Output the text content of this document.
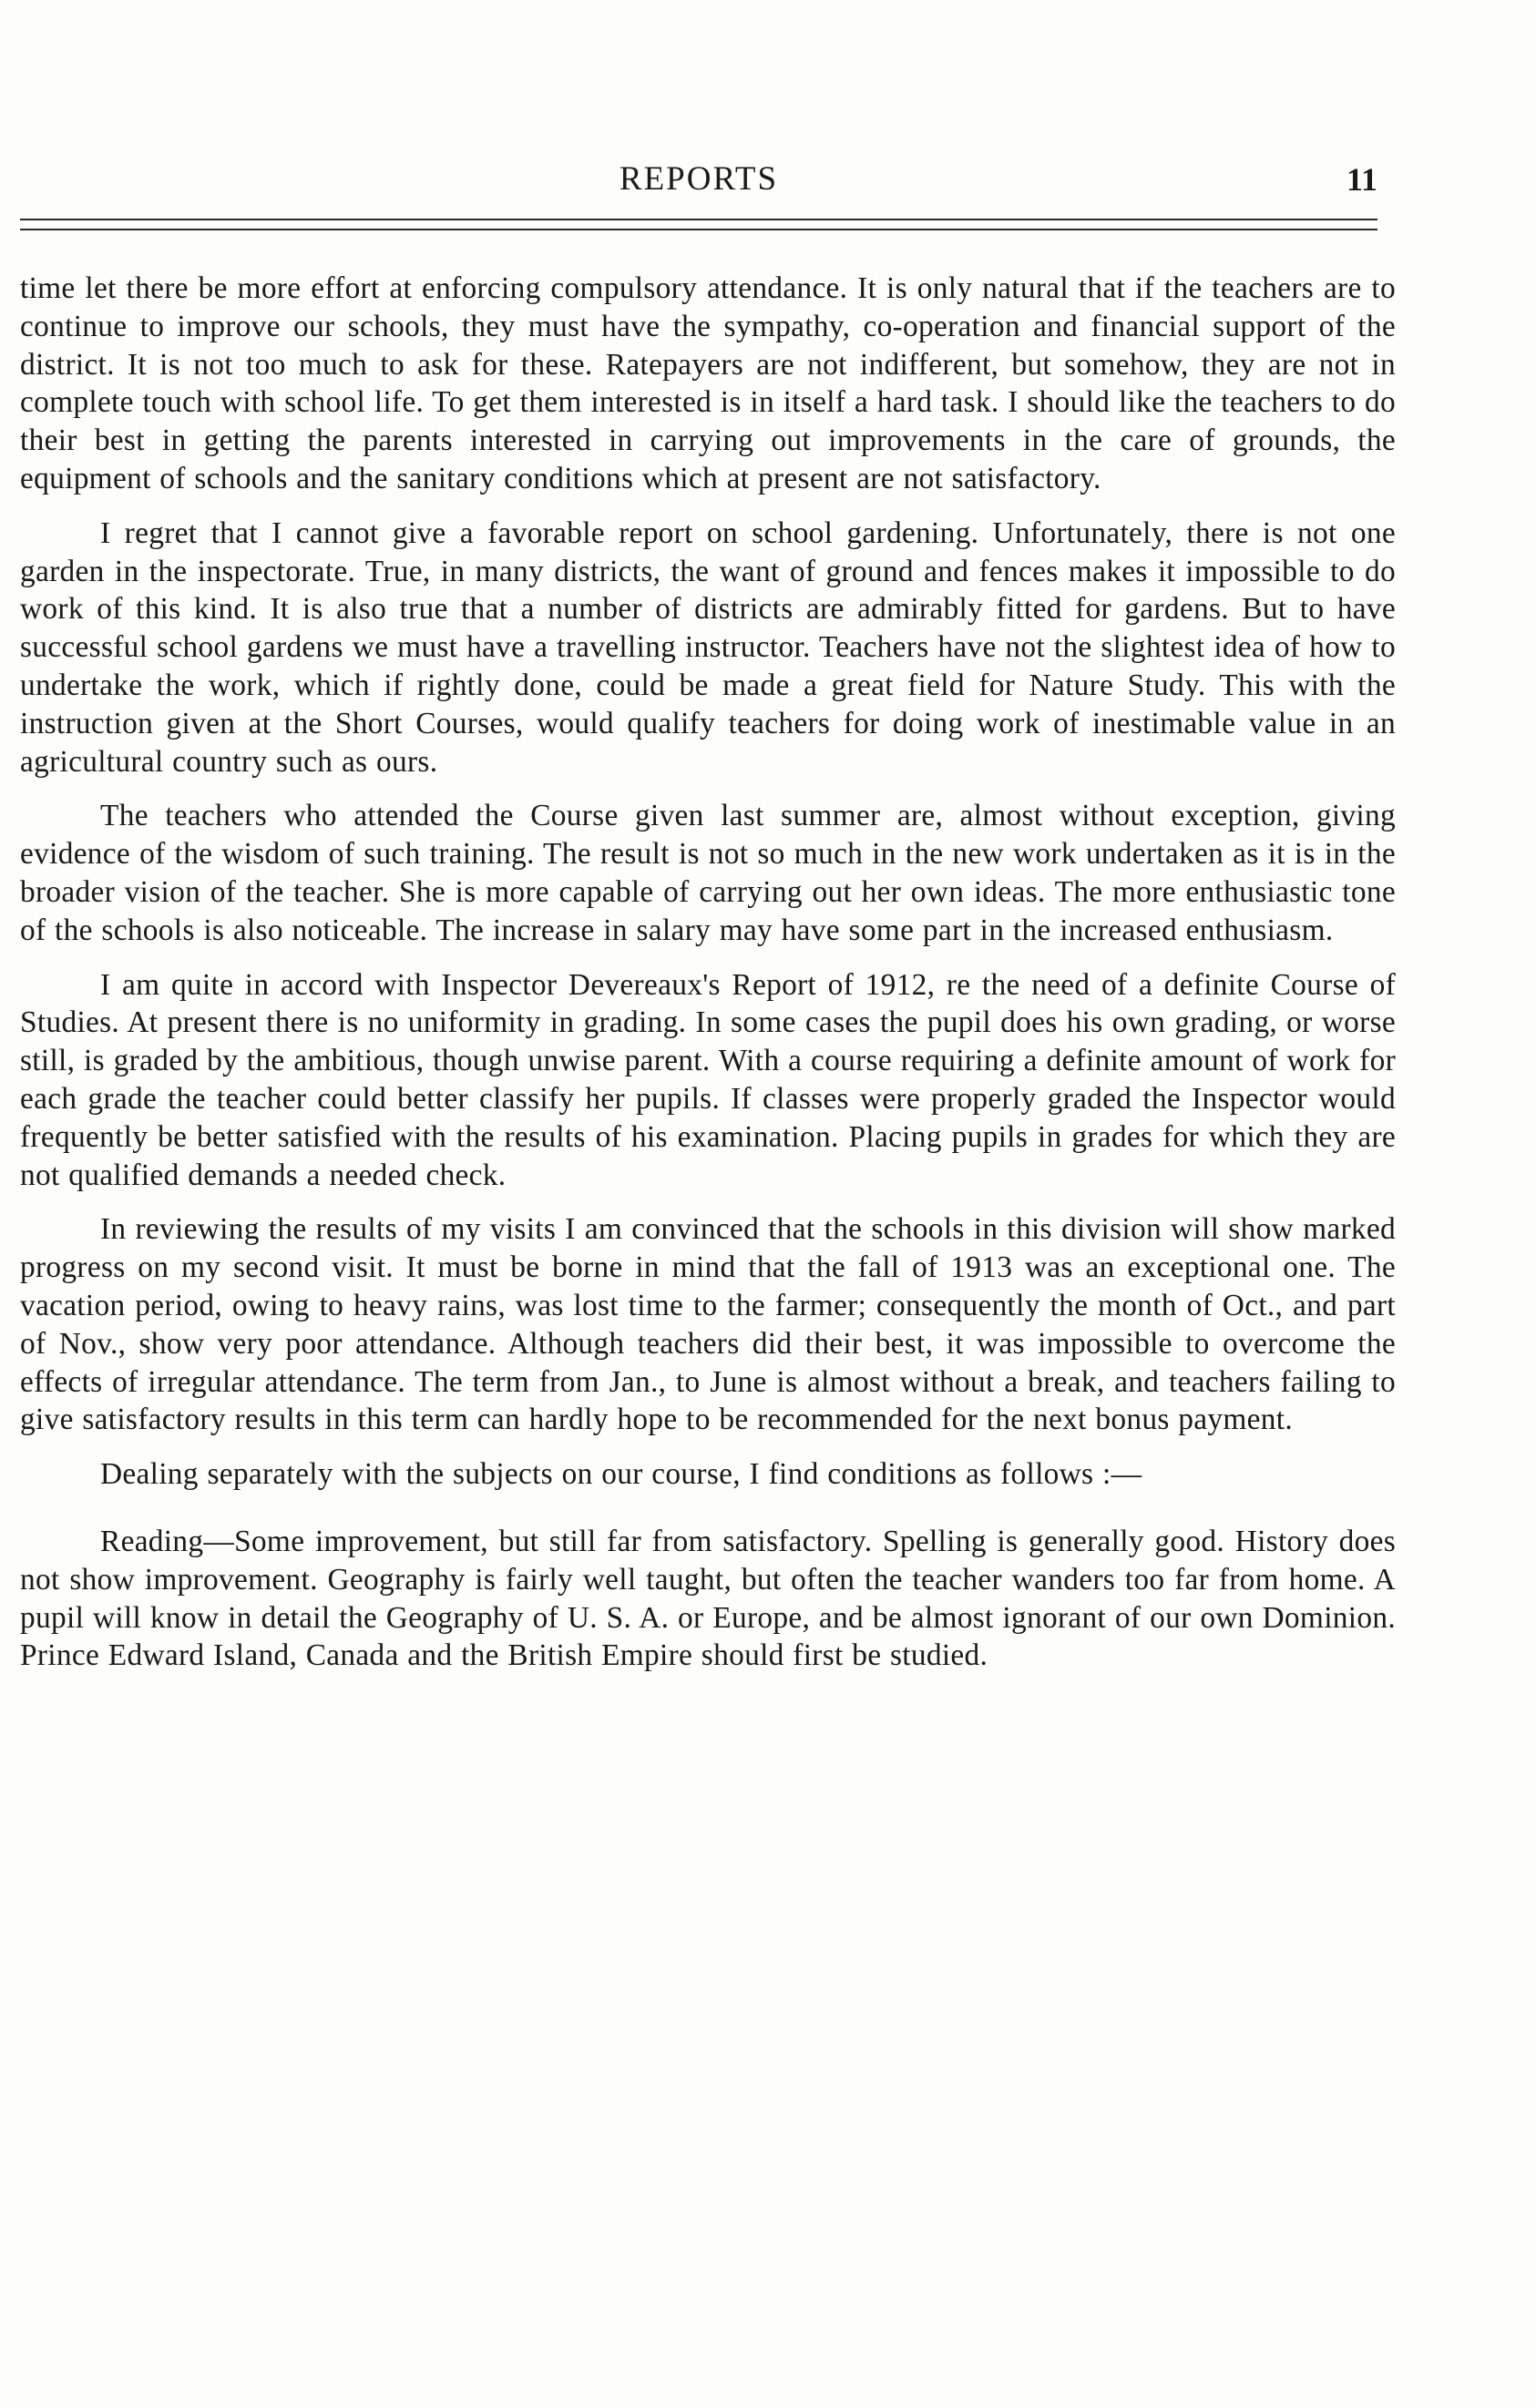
REPORTS	11

time let there be more effort at enforcing compulsory attendance. It is only natural that if the teachers are to continue to improve our schools, they must have the sympathy, co-operation and financial support of the district. It is not too much to ask for these. Ratepayers are not indifferent, but somehow, they are not in complete touch with school life. To get them interested is in itself a hard task. I should like the teachers to do their best in getting the parents interested in carrying out improvements in the care of grounds, the equipment of schools and the sanitary conditions which at present are not satisfactory.

I regret that I cannot give a favorable report on school gardening. Unfortunately, there is not one garden in the inspectorate. True, in many districts, the want of ground and fences makes it impossible to do work of this kind. It is also true that a number of districts are admirably fitted for gardens. But to have successful school gardens we must have a travelling instructor. Teachers have not the slightest idea of how to undertake the work, which if rightly done, could be made a great field for Nature Study. This with the instruction given at the Short Courses, would qualify teachers for doing work of inestimable value in an agricultural country such as ours.

The teachers who attended the Course given last summer are, almost without exception, giving evidence of the wisdom of such training. The result is not so much in the new work undertaken as it is in the broader vision of the teacher. She is more capable of carrying out her own ideas. The more enthusiastic tone of the schools is also noticeable. The increase in salary may have some part in the increased enthusiasm.

I am quite in accord with Inspector Devereaux's Report of 1912, re the need of a definite Course of Studies. At present there is no uniformity in grading. In some cases the pupil does his own grading, or worse still, is graded by the ambitious, though unwise parent. With a course requiring a definite amount of work for each grade the teacher could better classify her pupils. If classes were properly graded the Inspector would frequently be better satisfied with the results of his examination. Placing pupils in grades for which they are not qualified demands a needed check.

In reviewing the results of my visits I am convinced that the schools in this division will show marked progress on my second visit. It must be borne in mind that the fall of 1913 was an exceptional one. The vacation period, owing to heavy rains, was lost time to the farmer; consequently the month of Oct., and part of Nov., show very poor attendance. Although teachers did their best, it was impossible to overcome the effects of irregular attendance. The term from Jan., to June is almost without a break, and teachers failing to give satisfactory results in this term can hardly hope to be recommended for the next bonus payment.

Dealing separately with the subjects on our course, I find conditions as follows :—

Reading—Some improvement, but still far from satisfactory. Spelling is generally good. History does not show improvement. Geography is fairly well taught, but often the teacher wanders too far from home. A pupil will know in detail the Geography of U. S. A. or Europe, and be almost ignorant of our own Dominion. Prince Edward Island, Canada and the British Empire should first be studied.
